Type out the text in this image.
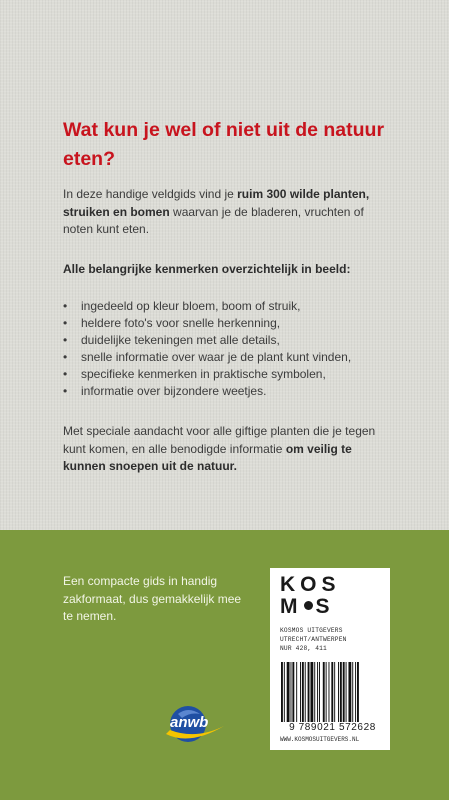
Wat kun je wel of niet uit de natuur eten?

In deze handige veldgids vind je ruim 300 wilde planten, struiken en bomen waarvan je de bladeren, vruchten of noten kunt eten.

Alle belangrijke kenmerken overzichtelijk in beeld:

• ingedeeld op kleur bloem, boom of struik,
• heldere foto's voor snelle herkenning,
• duidelijke tekeningen met alle details,
• snelle informatie over waar je de plant kunt vinden,
• specifieke kenmerken in praktische symbolen,
• informatie over bijzondere weetjes.

Met speciale aandacht voor alle giftige planten die je tegen kunt komen, en alle benodigde informatie om veilig te kunnen snoepen uit de natuur.

Een compacte gids in handig zakformaat, dus gemakkelijk mee te nemen.

anwb
KOS
M S
KOSMOS UITGEVERS
UTRECHT/ANTWERPEN
NUR 428, 411

9 789021 572628

WWW.KOSMOSUITGEVERS.NL
